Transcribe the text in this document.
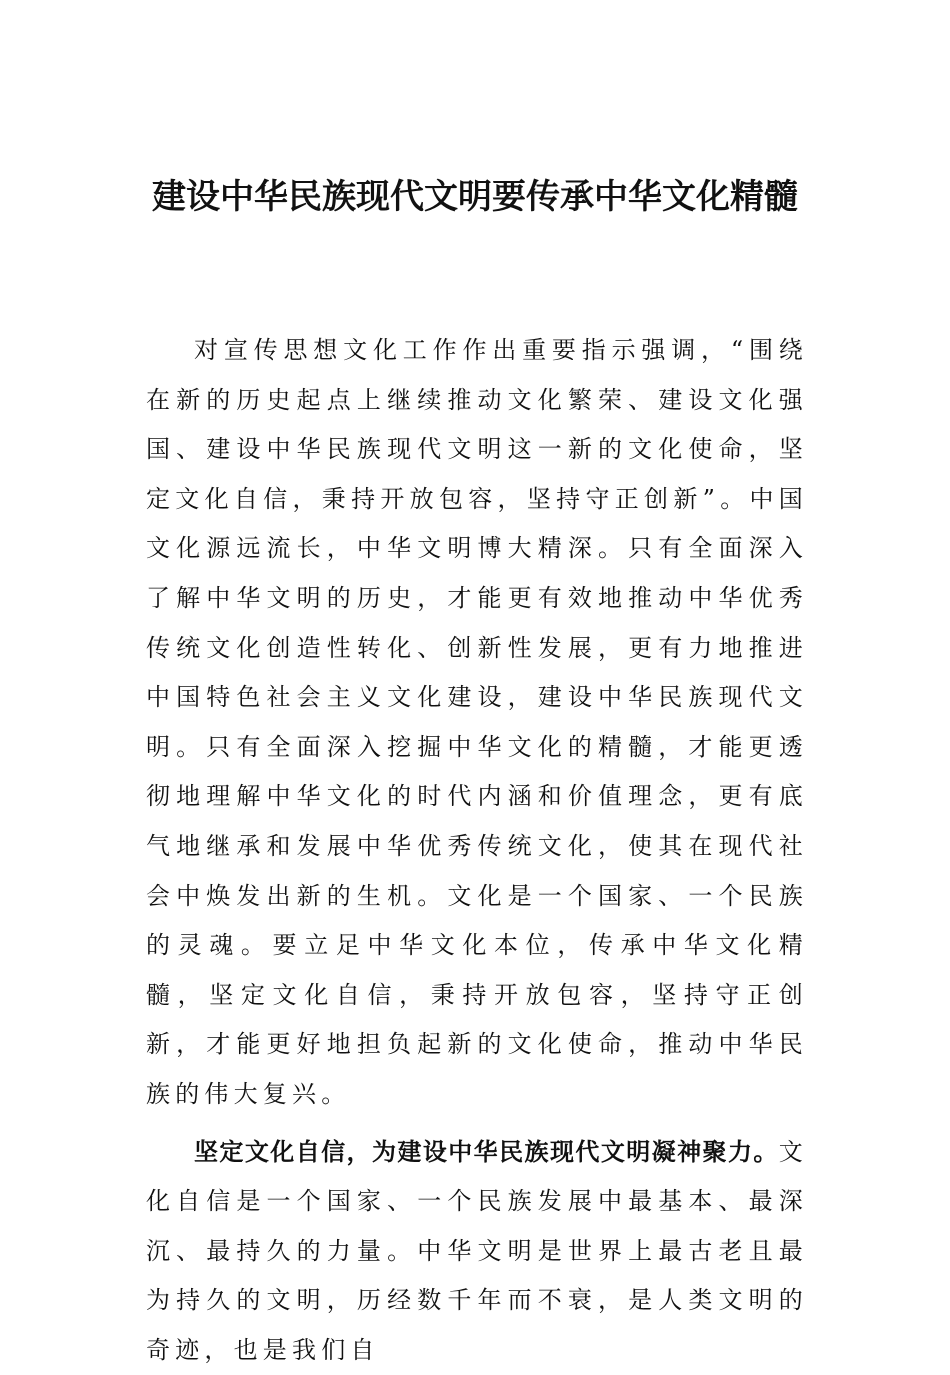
建设中华民族现代文明要传承中华文化精髓

对宣传思想文化工作作出重要指示强调，“围绕在新的历史起点上继续推动文化繁荣、建设文化强国、建设中华民族现代文明这一新的文化使命，坚定文化自信，秉持开放包容，坚持守正创新”。中国文化源远流长，中华文明博大精深。只有全面深入了解中华文明的历史，才能更有效地推动中华优秀传统文化创造性转化、创新性发展，更有力地推进中国特色社会主义文化建设，建设中华民族现代文明。只有全面深入挖掘中华文化的精髓，才能更透彻地理解中华文化的时代内涵和价值理念，更有底气地继承和发展中华优秀传统文化，使其在现代社会中焕发出新的生机。文化是一个国家、一个民族的灵魂。要立足中华文化本位，传承中华文化精髓，坚定文化自信，秉持开放包容，坚持守正创新，才能更好地担负起新的文化使命，推动中华民族的伟大复兴。

坚定文化自信，为建设中华民族现代文明凝神聚力。文化自信是一个国家、一个民族发展中最基本、最深沉、最持久的力量。中华文明是世界上最古老且最为持久的文明，历经数千年而不衰，是人类文明的奇迹，也是我们自
